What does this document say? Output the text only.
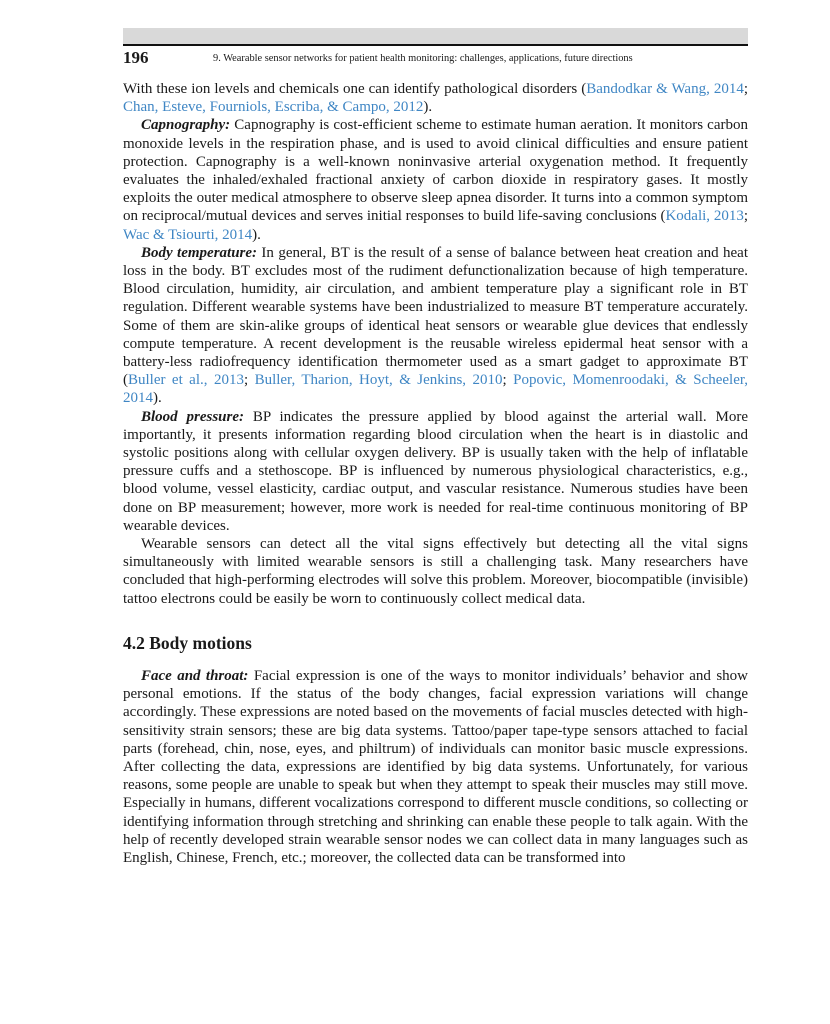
196	9. Wearable sensor networks for patient health monitoring: challenges, applications, future directions

With these ion levels and chemicals one can identify pathological disorders (Bandodkar & Wang, 2014; Chan, Esteve, Fourniols, Escriba, & Campo, 2012).

Capnography: Capnography is cost-efficient scheme to estimate human aeration. It monitors carbon monoxide levels in the respiration phase, and is used to avoid clinical difficulties and ensure patient protection. Capnography is a well-known noninvasive arterial oxygenation method. It frequently evaluates the inhaled/exhaled fractional anxiety of carbon dioxide in respiratory gases. It mostly exploits the outer medical atmosphere to observe sleep apnea disorder. It turns into a common symptom on reciprocal/mutual devices and serves initial responses to build life-saving conclusions (Kodali, 2013; Wac & Tsiourti, 2014).

Body temperature: In general, BT is the result of a sense of balance between heat creation and heat loss in the body. BT excludes most of the rudiment defunctionalization because of high temperature. Blood circulation, humidity, air circulation, and ambient temperature play a significant role in BT regulation. Different wearable systems have been industrialized to measure BT temperature accurately. Some of them are skin-alike groups of identical heat sensors or wearable glue devices that endlessly compute temperature. A recent development is the reusable wireless epidermal heat sensor with a battery-less radiofrequency identification thermometer used as a smart gadget to approximate BT (Buller et al., 2013; Buller, Tharion, Hoyt, & Jenkins, 2010; Popovic, Momenroodaki, & Scheeler, 2014).

Blood pressure: BP indicates the pressure applied by blood against the arterial wall. More importantly, it presents information regarding blood circulation when the heart is in diastolic and systolic positions along with cellular oxygen delivery. BP is usually taken with the help of inflatable pressure cuffs and a stethoscope. BP is influenced by numerous physiological characteristics, e.g., blood volume, vessel elasticity, cardiac output, and vascular resistance. Numerous studies have been done on BP measurement; however, more work is needed for real-time continuous monitoring of BP wearable devices.

Wearable sensors can detect all the vital signs effectively but detecting all the vital signs simultaneously with limited wearable sensors is still a challenging task. Many researchers have concluded that high-performing electrodes will solve this problem. Moreover, biocompatible (invisible) tattoo electrons could be easily be worn to continuously collect medical data.

4.2 Body motions

Face and throat: Facial expression is one of the ways to monitor individuals’ behavior and show personal emotions. If the status of the body changes, facial expression variations will change accordingly. These expressions are noted based on the movements of facial muscles detected with high-sensitivity strain sensors; these are big data systems. Tattoo/paper tape-type sensors attached to facial parts (forehead, chin, nose, eyes, and philtrum) of individuals can monitor basic muscle expressions. After collecting the data, expressions are identified by big data systems. Unfortunately, for various reasons, some people are unable to speak but when they attempt to speak their muscles may still move. Especially in humans, different vocalizations correspond to different muscle conditions, so collecting or identifying information through stretching and shrinking can enable these people to talk again. With the help of recently developed strain wearable sensor nodes we can collect data in many languages such as English, Chinese, French, etc.; moreover, the collected data can be transformed into
